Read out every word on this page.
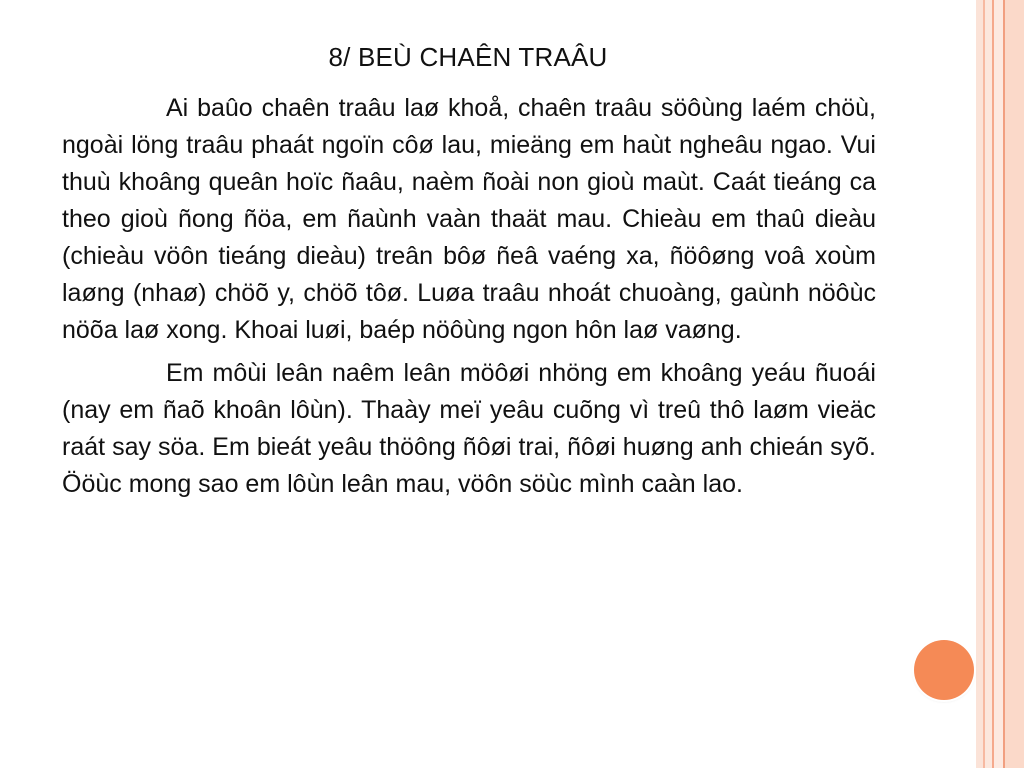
8/ BEÙ CHAÊN TRAÂU

Ai baûo chaên traâu laø khoå, chaên traâu söôùng laém chöù, ngoài löng traâu phaát ngoïn côø lau, mieäng em haùt ngheâu ngao. Vui thuù khoâng queân hoïc ñaâu, naèm ñoài non gioù maùt. Caát tieáng ca theo gioù ñong ñöa, em ñaùnh vaàn thaät mau. Chieàu em thaû dieàu (chieàu vöôn tieáng dieàu) treân bôø ñeâ vaéng xa, ñöôøng voâ xoùm laøng (nhaø) chöõ y, chöõ tôø. Luøa traâu nhoát chuoàng, gaùnh nöôùc nöõa laø xong. Khoai luøi, baép nöôùng ngon hôn laø vaøng.

Em môùi leân naêm leân möôøi nhöng em khoâng yeáu ñuoái (nay em ñaõ khoân lôùn). Thaày meï yeâu cuõng vì treû thô laøm vieäc raát say söa. Em bieát yeâu thöông ñôøi trai, ñôøi huøng anh chieán syõ. Ööùc mong sao em lôùn leân mau, vöôn söùc mình caàn lao.
